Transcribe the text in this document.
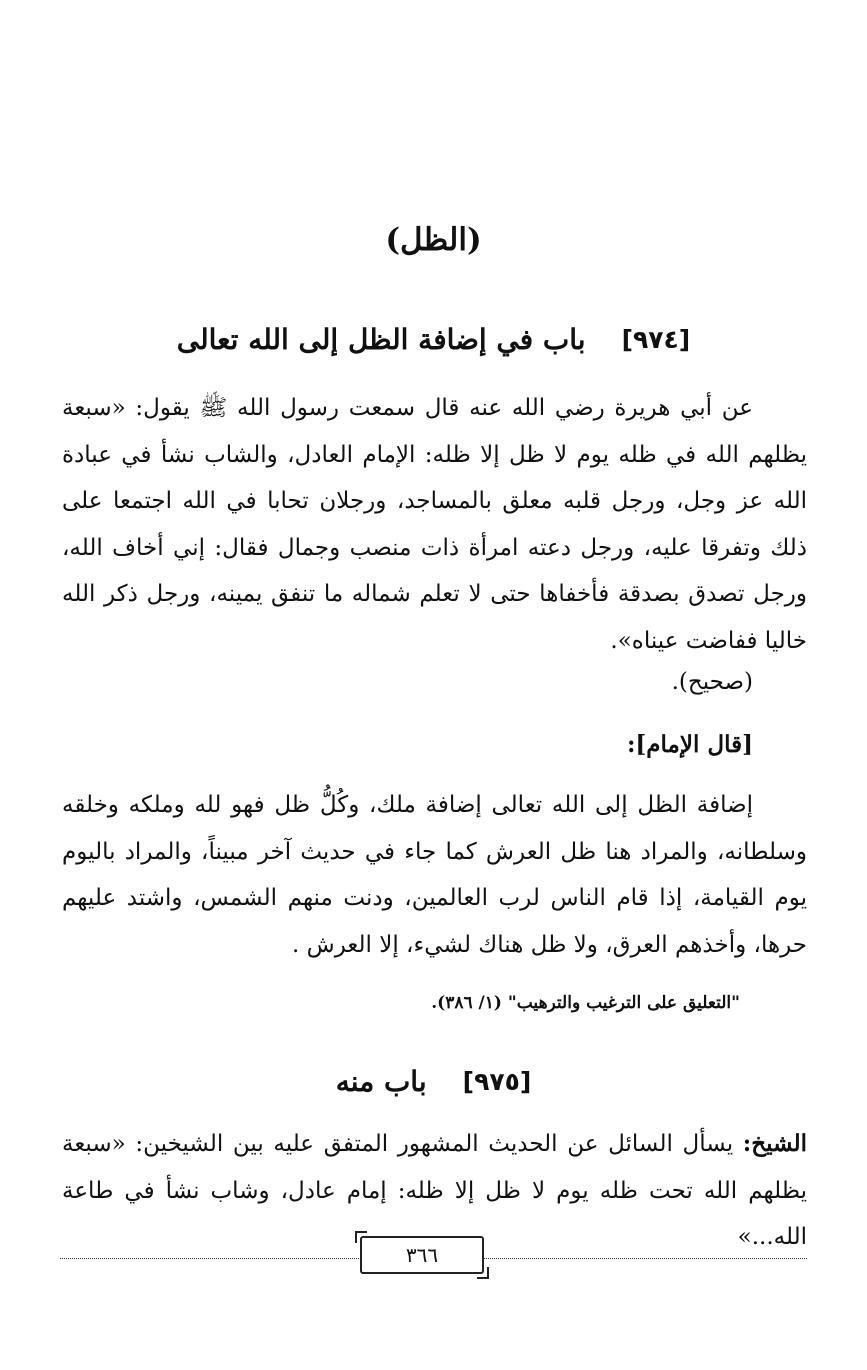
(الظل)
[٩٧٤]
باب في إضافة الظل إلى الله تعالى

عن أبي هريرة رضي الله عنه قال سمعت رسول الله ﷺ يقول: «سبعة يظلهم الله في ظله يوم لا ظل إلا ظله: الإمام العادل، والشاب نشأ في عبادة الله عز وجل، ورجل قلبه معلق بالمساجد، ورجلان تحابا في الله اجتمعا على ذلك وتفرقا عليه، ورجل دعته امرأة ذات منصب وجمال فقال: إني أخاف الله، ورجل تصدق بصدقة فأخفاها حتى لا تعلم شماله ما تنفق يمينه، ورجل ذكر الله خاليا ففاضت عيناه».

(صحيح).

[قال الإمام]:

إضافة الظل إلى الله تعالى إضافة ملك، وكُلُّ ظل فهو لله وملكه وخلقه وسلطانه، والمراد هنا ظل العرش كما جاء في حديث آخر مبيناً، والمراد باليوم يوم القيامة، إذا قام الناس لرب العالمين، ودنت منهم الشمس، واشتد عليهم حرها، وأخذهم العرق، ولا ظل هناك لشيء، إلا العرش .

"التعليق على الترغيب والترهيب" (١/ ٣٨٦).
[٩٧٥]
باب منه

الشيخ: يسأل السائل عن الحديث المشهور المتفق عليه بين الشيخين: «سبعة يظلهم الله تحت ظله يوم لا ظل إلا ظله: إمام عادل، وشاب نشأ في طاعة الله...»

٣٦٦
